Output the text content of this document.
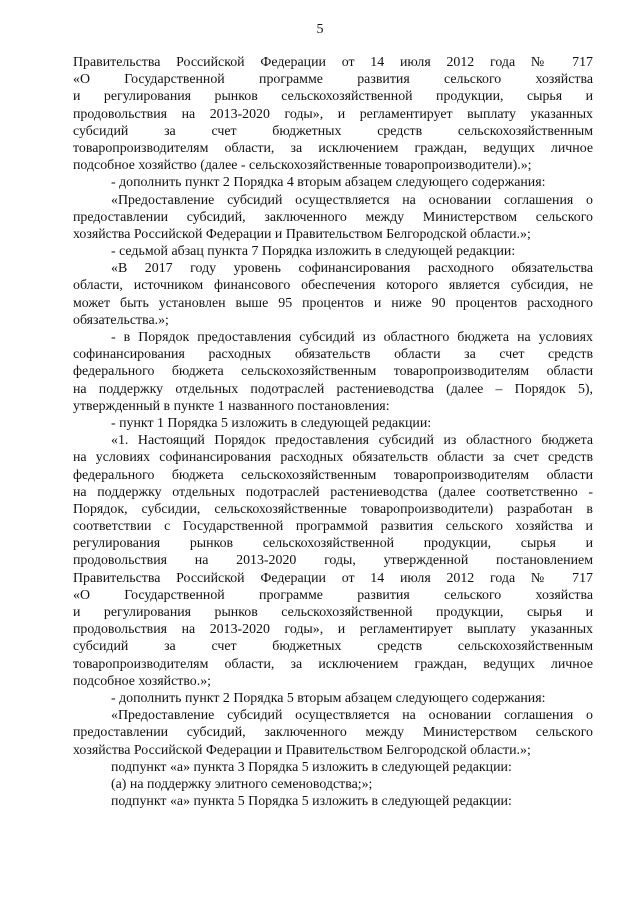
5
Правительства Российской Федерации от 14 июля 2012 года № 717
«О Государственной программе развития сельского хозяйства
и регулирования рынков сельскохозяйственной продукции, сырья и
продовольствия на 2013-2020 годы», и регламентирует выплату указанных
субсидий за счет бюджетных средств сельскохозяйственным
товаропроизводителям области, за исключением граждан, ведущих личное
подсобное хозяйство (далее - сельскохозяйственные товаропроизводители).»;
- дополнить пункт 2 Порядка 4 вторым абзацем следующего содержания:
«Предоставление субсидий осуществляется на основании соглашения о
предоставлении субсидий, заключенного между Министерством сельского
хозяйства Российской Федерации и Правительством Белгородской области.»;
- седьмой абзац пункта 7 Порядка изложить в следующей редакции:
«В 2017 году уровень софинансирования расходного обязательства
области, источником финансового обеспечения которого является субсидия, не
может быть установлен выше 95 процентов и ниже 90 процентов расходного
обязательства.»;
- в Порядок предоставления субсидий из областного бюджета на условиях
софинансирования расходных обязательств области за счет средств
федерального бюджета сельскохозяйственным товаропроизводителям области
на поддержку отдельных подотраслей растениеводства (далее – Порядок 5),
утвержденный в пункте 1 названного постановления:
- пункт 1 Порядка 5 изложить в следующей редакции:
«1. Настоящий Порядок предоставления субсидий из областного бюджета
на условиях софинансирования расходных обязательств области за счет средств
федерального бюджета сельскохозяйственным товаропроизводителям области
на поддержку отдельных подотраслей растениеводства (далее соответственно -
Порядок, субсидии, сельскохозяйственные товаропроизводители) разработан в
соответствии с Государственной программой развития сельского хозяйства и
регулирования рынков сельскохозяйственной продукции, сырья и
продовольствия на 2013-2020 годы, утвержденной постановлением
Правительства Российской Федерации от 14 июля 2012 года № 717
«О Государственной программе развития сельского хозяйства
и регулирования рынков сельскохозяйственной продукции, сырья и
продовольствия на 2013-2020 годы», и регламентирует выплату указанных
субсидий за счет бюджетных средств сельскохозяйственным
товаропроизводителям области, за исключением граждан, ведущих личное
подсобное хозяйство.»;
- дополнить пункт 2 Порядка 5 вторым абзацем следующего содержания:
«Предоставление субсидий осуществляется на основании соглашения о
предоставлении субсидий, заключенного между Министерством сельского
хозяйства Российской Федерации и Правительством Белгородской области.»;
подпункт «а» пункта 3 Порядка 5 изложить в следующей редакции:
(а) на поддержку элитного семеноводства;»;
подпункт «а» пункта 5 Порядка 5 изложить в следующей редакции:
